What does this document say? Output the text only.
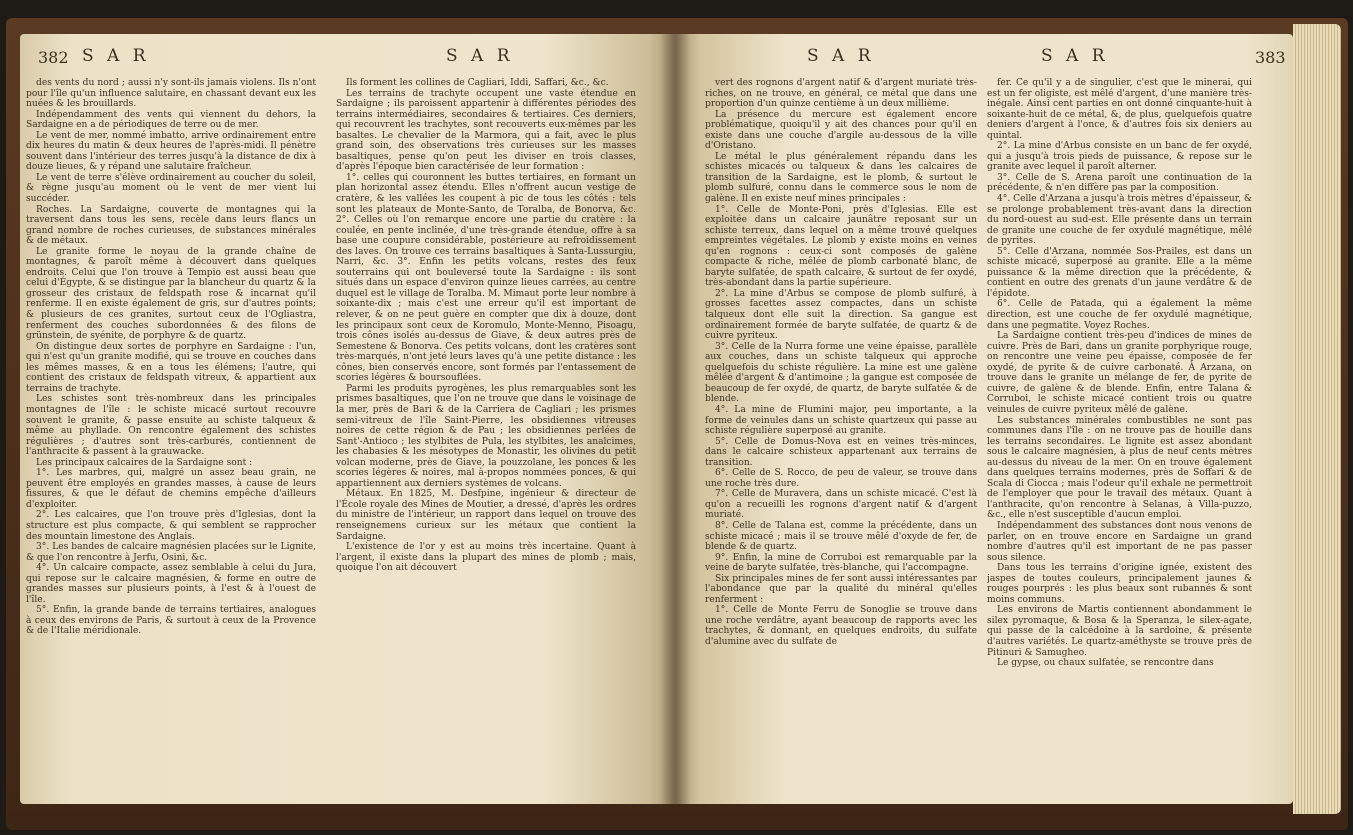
382 S A R	S A R

des vents du nord ; aussi n'y sont-ils jamais violens. Ils n'ont pour l'île qu'un influence salutaire, en chassant devant eux les nuées & les brouillards.

Indépendamment des vents qui viennent du dehors, la Sardaigne en a de périodiques de terre ou de mer.

Le vent de mer, nommé imbatto, arrive ordinairement entre dix heures du matin & deux heures de l'après-midi. Il pénètre souvent dans l'intérieur des terres jusqu'à la distance de dix à douze lieues, & y répand une salutaire fraîcheur.

Le vent de terre s'élève ordinairement au coucher du soleil, & règne jusqu'au moment où le vent de mer vient lui succéder.

Roches. La Sardaigne, couverte de montagnes qui la traversent dans tous les sens, recèle dans leurs flancs un grand nombre de roches curieuses, de substances minérales & de métaux.

Le granite forme le noyau de la grande chaîne de montagnes, & paroît même à découvert dans quelques endroits. Celui que l'on trouve à Tempio est aussi beau que celui d'Égypte, & se distingue par la blancheur du quartz & la grosseur des cristaux de feldspath rose & incarnat qu'il renferme. Il en existe également de gris, sur d'autres points; & plusieurs de ces granites, surtout ceux de l'Ogliastra, renferment des couches subordonnées & des filons de grünstein, de syénite, de porphyre & de quartz.

On distingue deux sortes de porphyre en Sardaigne : l'un, qui n'est qu'un granite modifié, qui se trouve en couches dans les mêmes masses, & en a tous les élémens; l'autre, qui contient des cristaux de feldspath vitreux, & appartient aux terrains de trachyte.

Les schistes sont très-nombreux dans les principales montagnes de l'île : le schiste micacé surtout recouvre souvent le granite, & passe ensuite au schiste talqueux & même au phyllade. On rencontre également des schistes régulières ; d'autres sont très-carburés, contiennent de l'anthracite & passent à la grauwacke.

Les principaux calcaires de la Sardaigne sont :

1°. Les marbres, qui, malgré un assez beau grain, ne peuvent être employés en grandes masses, à cause de leurs fissures, & que le défaut de chemins empêche d'ailleurs d'exploiter.

2°. Les calcaires, que l'on trouve près d'Iglesias, dont la structure est plus compacte, & qui semblent se rapprocher des mountain limestone des Anglais.

3°. Les bandes de calcaire magnésien placées sur le Lignite, & que l'on rencontre à Jerfu, Osini, &c.

4°. Un calcaire compacte, assez semblable à celui du Jura, qui repose sur le calcaire magnésien, & forme en outre de grandes masses sur plusieurs points, à l'est & à l'ouest de l'île.

5°. Enfin, la grande bande de terrains tertiaires, analogues à ceux des environs de Paris, & surtout à ceux de la Provence & de l'Italie méridionale.

Ils forment les collines de Cagliari, Iddi, Saffari, &c., &c.

Les terrains de trachyte occupent une vaste étendue en Sardaigne ; ils paroissent appartenir à différentes périodes des terrains intermédiaires, secondaires & tertiaires. Ces derniers, qui recouvrent les trachytes, sont recouverts eux-mêmes par les basaltes. Le chevalier de la Marmora, qui a fait, avec le plus grand soin, des observations très curieuses sur les masses basaltiques, pense qu'on peut les diviser en trois classes, d'après l'époque bien caractérisée de leur formation :

1°. celles qui couronnent les buttes tertiaires, en formant un plan horizontal assez étendu. Elles n'offrent aucun vestige de cratère, & les vallées les coupent à pic de tous les côtés : tels sont les plateaux de Monte-Santo, de Toralba, de Bonorva, &c. 2°. Celles où l'on remarque encore une partie du cratère : la coulée, en pente inclinée, d'une très-grande étendue, offre à sa base une coupure considérable, postérieure au refroidissement des laves. On trouve ces terrains basaltiques à Santa-Lussurgiu, Narri, &c. 3°. Enfin les petits volcans, restes des feux souterrains qui ont bouleversé toute la Sardaigne : ils sont situés dans un espace d'environ quinze lieues carrées, au centre duquel est le village de Toralba. M. Mimaut porte leur nombre à soixante-dix ; mais c'est une erreur qu'il est important de relever, & on ne peut guère en compter que dix à douze, dont les principaux sont ceux de Koromulo, Monte-Menno, Pisoagu, trois cônes isolés au-dessus de Giave, & deux autres près de Semestene & Bonorva. Ces petits volcans, dont les cratères sont très-marqués, n'ont jeté leurs laves qu'à une petite distance : les cônes, bien conservés encore, sont formés par l'entassement de scories légères & boursouflées.

Parmi les produits pyrogènes, les plus remarquables sont les prismes basaltiques, que l'on ne trouve que dans le voisinage de la mer, près de Bari & de la Carriera de Cagliari ; les prismes semi-vitreux de l'île Saint-Pierre, les obsidiennes vitreuses noires de cette région & de Pau ; les obsidiennes perlées de Sant'-Antioco ; les stylbites de Pula, les stylbites, les analcimes, les chabasies & les mésotypes de Monastir, les olivines du petit volcan moderne, près de Giave, la pouzzolane, les ponces & les scories légères & noires, mal à-propos nommées ponces, & qui appartiennent aux derniers systèmes de volcans.

Métaux. En 1825, M. Desfpine, ingénieur & directeur de l'École royale des Mines de Moutier, a dressé, d'après les ordres du ministre de l'intérieur, un rapport dans lequel on trouve des renseignemens curieux sur les métaux que contient la Sardaigne.

L'existence de l'or y est au moins très incertaine. Quant à l'argent, il existe dans la plupart des mines de plomb ; mais, quoique l'on ait découvert

S A R	S A R	383

vert des rognons d'argent natif & d'argent muriaté très-riches, on ne trouve, en général, ce métal que dans une proportion d'un quinze centième à un deux millième.

La présence du mercure est également encore problématique, quoiqu'il y ait des chances pour qu'il en existe dans une couche d'argile au-dessous de la ville d'Oristano.

Le métal le plus généralement répandu dans les schistes micacés ou talqueux & dans les calcaires de transition de la Sardaigne, est le plomb, & surtout le plomb sulfuré, connu dans le commerce sous le nom de galène. Il en existe neuf mines principales :

1°. Celle de Monte-Poni, près d'Iglesias. Elle est exploitée dans un calcaire jaunâtre reposant sur un schiste terreux, dans lequel on a même trouvé quelques empreintes végétales. Le plomb y existe moins en veines qu'en rognons : ceux-ci sont composés de galène compacte & riche, mêlée de plomb carbonaté blanc, de baryte sulfatée, de spath calcaire, & surtout de fer oxydé, très-abondant dans la partie supérieure.

2°. La mine d'Arbus se compose de plomb sulfuré, à grosses facettes assez compactes, dans un schiste talqueux dont elle suit la direction. Sa gangue est ordinairement formée de baryte sulfatée, de quartz & de cuivre pyriteux.

3°. Celle de la Nurra forme une veine épaisse, parallèle aux couches, dans un schiste talqueux qui approche quelquefois du schiste régulière. La mine est une galène mêlée d'argent & d'antimoine ; la gangue est composée de beaucoup de fer oxydé, de quartz, de baryte sulfatée & de blende.

4°. La mine de Flumini major, peu importante, a la forme de veinules dans un schiste quartzeux qui passe au schiste régulière superposé au granite.

5°. Celle de Domus-Nova est en veines très-minces, dans le calcaire schisteux appartenant aux terrains de transition.

6°. Celle de S. Rocco, de peu de valeur, se trouve dans une roche très dure.

7°. Celle de Muravera, dans un schiste micacé. C'est là qu'on a recueilli les rognons d'argent natif & d'argent muriaté.

8°. Celle de Talana est, comme la précédente, dans un schiste micacé ; mais il se trouve mêlé d'oxyde de fer, de blende & de quartz.

9°. Enfin, la mine de Corruboi est remarquable par la veine de baryte sulfatée, très-blanche, qui l'accompagne.

Six principales mines de fer sont aussi intéressantes par l'abondance que par la qualité du minéral qu'elles renferment :

1°. Celle de Monte Ferru de Sonoglie se trouve dans une roche verdâtre, ayant beaucoup de rapports avec les trachytes, & donnant, en quelques endroits, du sulfate d'alumine avec du sulfate de

fer. Ce qu'il y a de singulier, c'est que le minerai, qui est un fer oligiste, est mêlé d'argent, d'une manière très-inégale. Ainsi cent parties en ont donné cinquante-huit à soixante-huit de ce métal, &, de plus, quelquefois quatre deniers d'argent à l'once, & d'autres fois six deniers au quintal.

2°. La mine d'Arbus consiste en un banc de fer oxydé, qui a jusqu'à trois pieds de puissance, & repose sur le granite avec lequel il paroît alterner.

3°. Celle de S. Arena paroît une continuation de la précédente, & n'en diffère pas par la composition.

4°. Celle d'Arzana a jusqu'à trois mètres d'épaisseur, & se prolonge probablement très-avant dans la direction du nord-ouest au sud-est. Elle présente dans un terrain de granite une couche de fer oxydulé magnétique, mêlé de pyrites.

5°. Celle d'Arzana, nommée Sos-Prailes, est dans un schiste micacé, superposé au granite. Elle a la même puissance & la même direction que la précédente, & contient en outre des grenats d'un jaune verdâtre & de l'épidote.

6°. Celle de Patada, qui a également la même direction, est une couche de fer oxydulé magnétique, dans une pegmatite. Voyez Roches.

La Sardaigne contient très-peu d'indices de mines de cuivre. Près de Bari, dans un granite porphyrique rouge, on rencontre une veine peu épaisse, composée de fer oxydé, de pyrite & de cuivre carbonaté. À Arzana, on trouve dans le granite un mélange de fer, de pyrite de cuivre, de galène & de blende. Enfin, entre Talana & Corruboi, le schiste micacé contient trois ou quatre veinules de cuivre pyriteux mêlé de galène.

Les substances minérales combustibles ne sont pas communes dans l'île : on ne trouve pas de houille dans les terrains secondaires. Le lignite est assez abondant sous le calcaire magnésien, à plus de neuf cents mètres au-dessus du niveau de la mer. On en trouve également dans quelques terrains modernes, près de Soffari & de Scala di Ciocca ; mais l'odeur qu'il exhale ne permettroit de l'employer que pour le travail des métaux. Quant à l'anthracite, qu'on rencontre à Selanas, à Villa-puzzo, &c., elle n'est susceptible d'aucun emploi.

Indépendamment des substances dont nous venons de parler, on en trouve encore en Sardaigne un grand nombre d'autres qu'il est important de ne pas passer sous silence.

Dans tous les terrains d'origine ignée, existent des jaspes de toutes couleurs, principalement jaunes & rouges pourprés : les plus beaux sont rubannés & sont moins communs.

Les environs de Martis contiennent abondamment le silex pyromaque, & Bosa & la Speranza, le silex-agate, qui passe de la calcédoine à la sardoine, & présente d'autres variétés. Le quartz-améthyste se trouve près de Pitinuri & Samugheo.

Le gypse, ou chaux sulfatée, se rencontre dans
